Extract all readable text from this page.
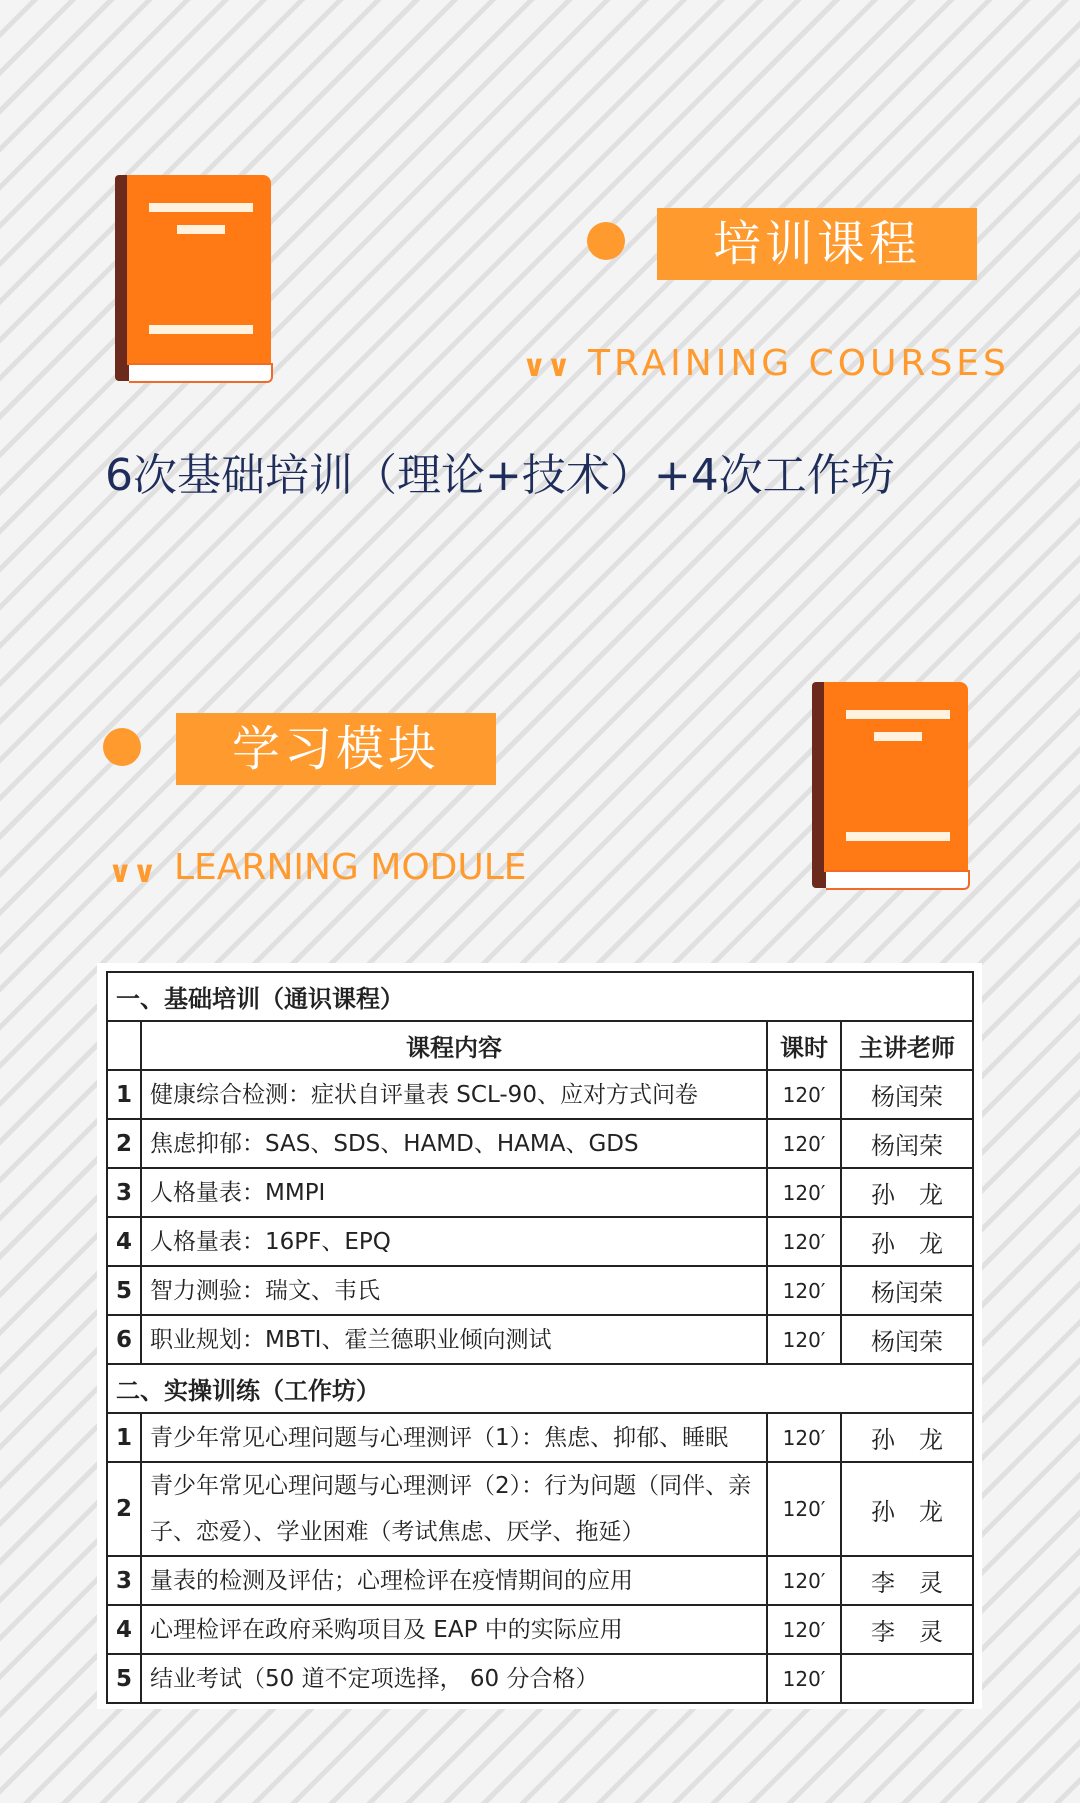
培训课程
∨∨ TRAINING COURSES
6次基础培训（理论+技术）+4次工作坊
学习模块
∨∨ LEARNING MODULE
一、基础培训（通识课程）			
	课程内容	课时	主讲老师
1	健康综合检测：症状自评量表 SCL-90、应对方式问卷	120′	杨闰荣
2	焦虑抑郁：SAS、SDS、HAMD、HAMA、GDS	120′	杨闰荣
3	人格量表：MMPI	120′	孙　龙
4	人格量表：16PF、EPQ	120′	孙　龙
5	智力测验：瑞文、韦氏	120′	杨闰荣
6	职业规划：MBTI、霍兰德职业倾向测试	120′	杨闰荣
二、实操训练（工作坊）			
1	青少年常见心理问题与心理测评（1）：焦虑、抑郁、睡眠	120′	孙　龙
2	青少年常见心理问题与心理测评（2）：行为问题（同伴、亲子、恋爱）、学业困难（考试焦虑、厌学、拖延）	120′	孙　龙
3	量表的检测及评估；心理检评在疫情期间的应用	120′	李　灵
4	心理检评在政府采购项目及 EAP 中的实际应用	120′	李　灵
5	结业考试（50 道不定项选择， 60 分合格）	120′	
